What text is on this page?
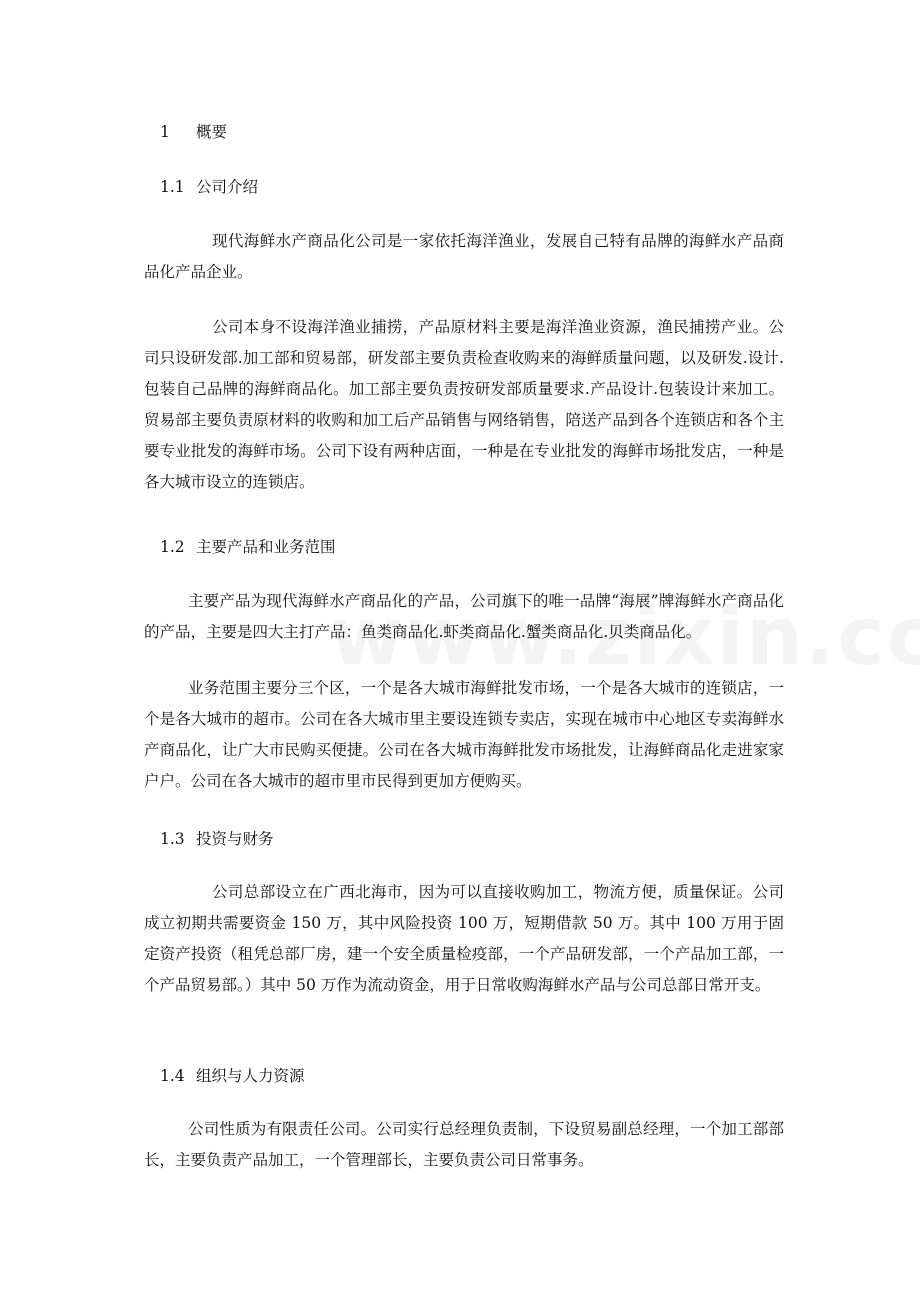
1 概要
1.1 公司介绍
现代海鲜水产商品化公司是一家依托海洋渔业，发展自己特有品牌的海鲜水产品商品化产品企业。
公司本身不设海洋渔业捕捞，产品原材料主要是海洋渔业资源，渔民捕捞产业。公司只设研发部.加工部和贸易部，研发部主要负责检查收购来的海鲜质量问题，以及研发.设计.包装自己品牌的海鲜商品化。加工部主要负责按研发部质量要求.产品设计.包装设计来加工。贸易部主要负责原材料的收购和加工后产品销售与网络销售，陪送产品到各个连锁店和各个主要专业批发的海鲜市场。公司下设有两种店面，一种是在专业批发的海鲜市场批发店，一种是各大城市设立的连锁店。
1.2 主要产品和业务范围
主要产品为现代海鲜水产商品化的产品，公司旗下的唯一品牌“海展”牌海鲜水产商品化的产品，主要是四大主打产品：鱼类商品化.虾类商品化.蟹类商品化.贝类商品化。
业务范围主要分三个区，一个是各大城市海鲜批发市场，一个是各大城市的连锁店，一个是各大城市的超市。公司在各大城市里主要设连锁专卖店，实现在城市中心地区专卖海鲜水产商品化，让广大市民购买便捷。公司在各大城市海鲜批发市场批发，让海鲜商品化走进家家户户。公司在各大城市的超市里市民得到更加方便购买。
1.3 投资与财务
公司总部设立在广西北海市，因为可以直接收购加工，物流方便，质量保证。公司成立初期共需要资金 150 万，其中风险投资 100 万，短期借款 50 万。其中 100 万用于固定资产投资（租凭总部厂房，建一个安全质量检疫部，一个产品研发部，一个产品加工部，一个产品贸易部。）其中 50 万作为流动资金，用于日常收购海鲜水产品与公司总部日常开支。
1.4 组织与人力资源
公司性质为有限责任公司。公司实行总经理负责制，下设贸易副总经理，一个加工部部长，主要负责产品加工，一个管理部长，主要负责公司日常事务。
